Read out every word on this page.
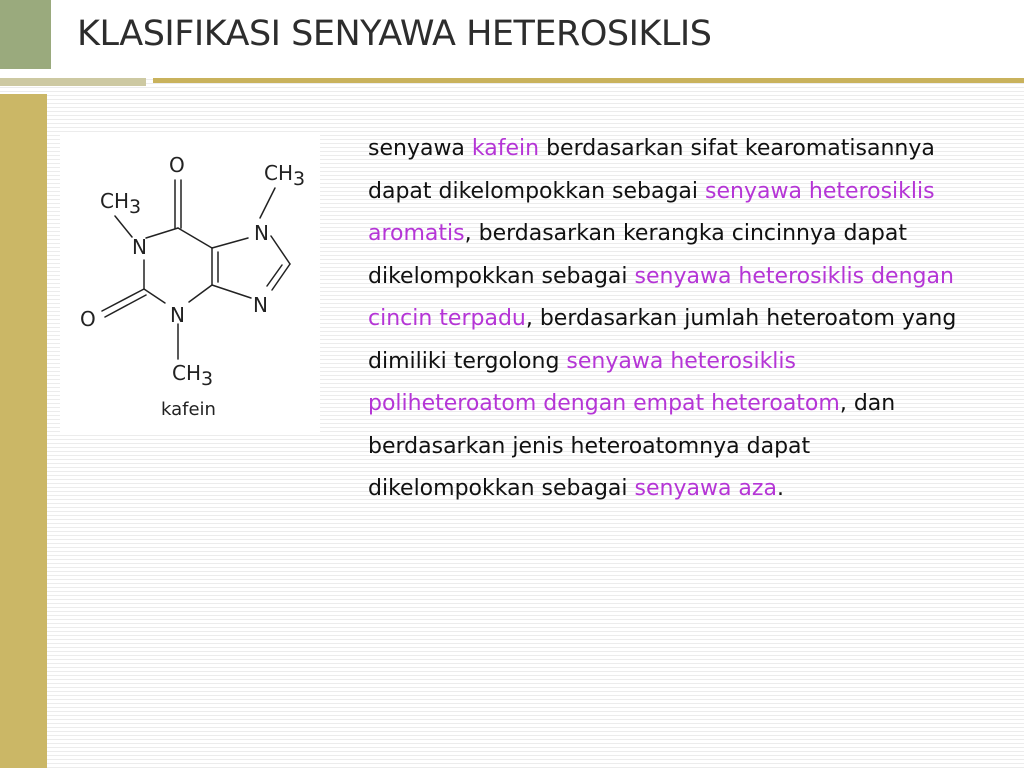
KLASIFIKASI SENYAWA HETEROSIKLIS
O
O
N
N
N
N
CH3
CH3
CH3
kafein

senyawa kafein berdasarkan sifat kearomatisannya dapat dikelompokkan sebagai senyawa heterosiklis aromatis, berdasarkan kerangka cincinnya dapat dikelompokkan sebagai senyawa heterosiklis dengan cincin terpadu, berdasarkan jumlah heteroatom yang dimiliki tergolong senyawa heterosiklis poliheteroatom dengan empat heteroatom, dan berdasarkan jenis heteroatomnya dapat dikelompokkan sebagai senyawa aza.
